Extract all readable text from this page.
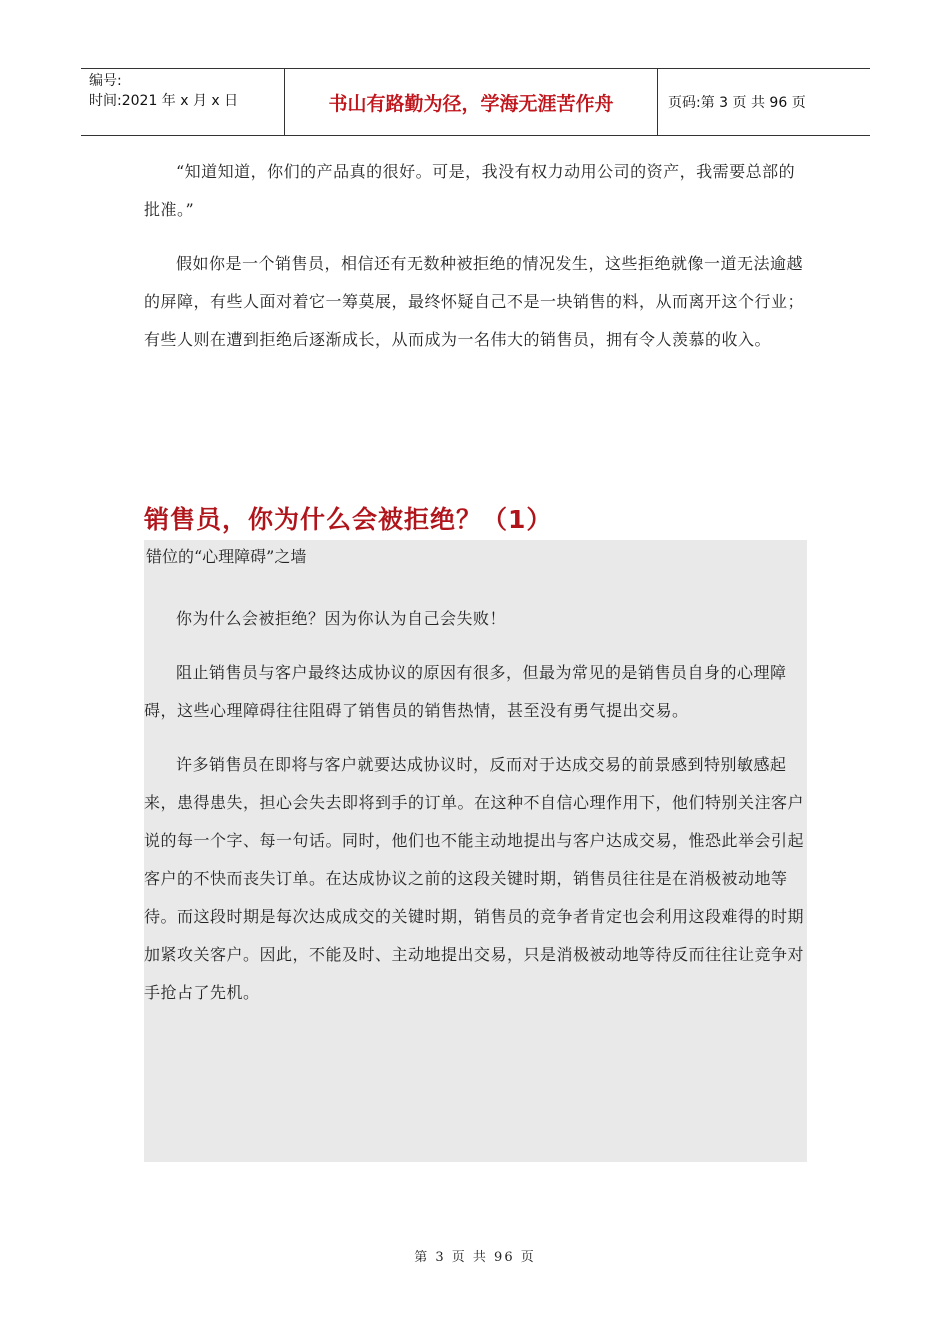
编号:
时间:2021 年 x 月 x 日	书山有路勤为径，学海无涯苦作舟	页码:第 3 页 共 96 页

“知道知道，你们的产品真的很好。可是，我没有权力动用公司的资产，我需要总部的批准。”

假如你是一个销售员，相信还有无数种被拒绝的情况发生，这些拒绝就像一道无法逾越的屏障，有些人面对着它一筹莫展，最终怀疑自己不是一块销售的料，从而离开这个行业；有些人则在遭到拒绝后逐渐成长，从而成为一名伟大的销售员，拥有令人羡慕的收入。

销售员，你为什么会被拒绝？（1）
错位的“心理障碍”之墙

你为什么会被拒绝？因为你认为自己会失败！

阻止销售员与客户最终达成协议的原因有很多，但最为常见的是销售员自身的心理障碍，这些心理障碍往往阻碍了销售员的销售热情，甚至没有勇气提出交易。

许多销售员在即将与客户就要达成协议时，反而对于达成交易的前景感到特别敏感起来，患得患失，担心会失去即将到手的订单。在这种不自信心理作用下，他们特别关注客户说的每一个字、每一句话。同时，他们也不能主动地提出与客户达成交易，惟恐此举会引起客户的不快而丧失订单。在达成协议之前的这段关键时期，销售员往往是在消极被动地等待。而这段时期是每次达成成交的关键时期，销售员的竞争者肯定也会利用这段难得的时期加紧攻关客户。因此，不能及时、主动地提出交易，只是消极被动地等待反而往往让竞争对手抢占了先机。

第 3 页 共 96 页
